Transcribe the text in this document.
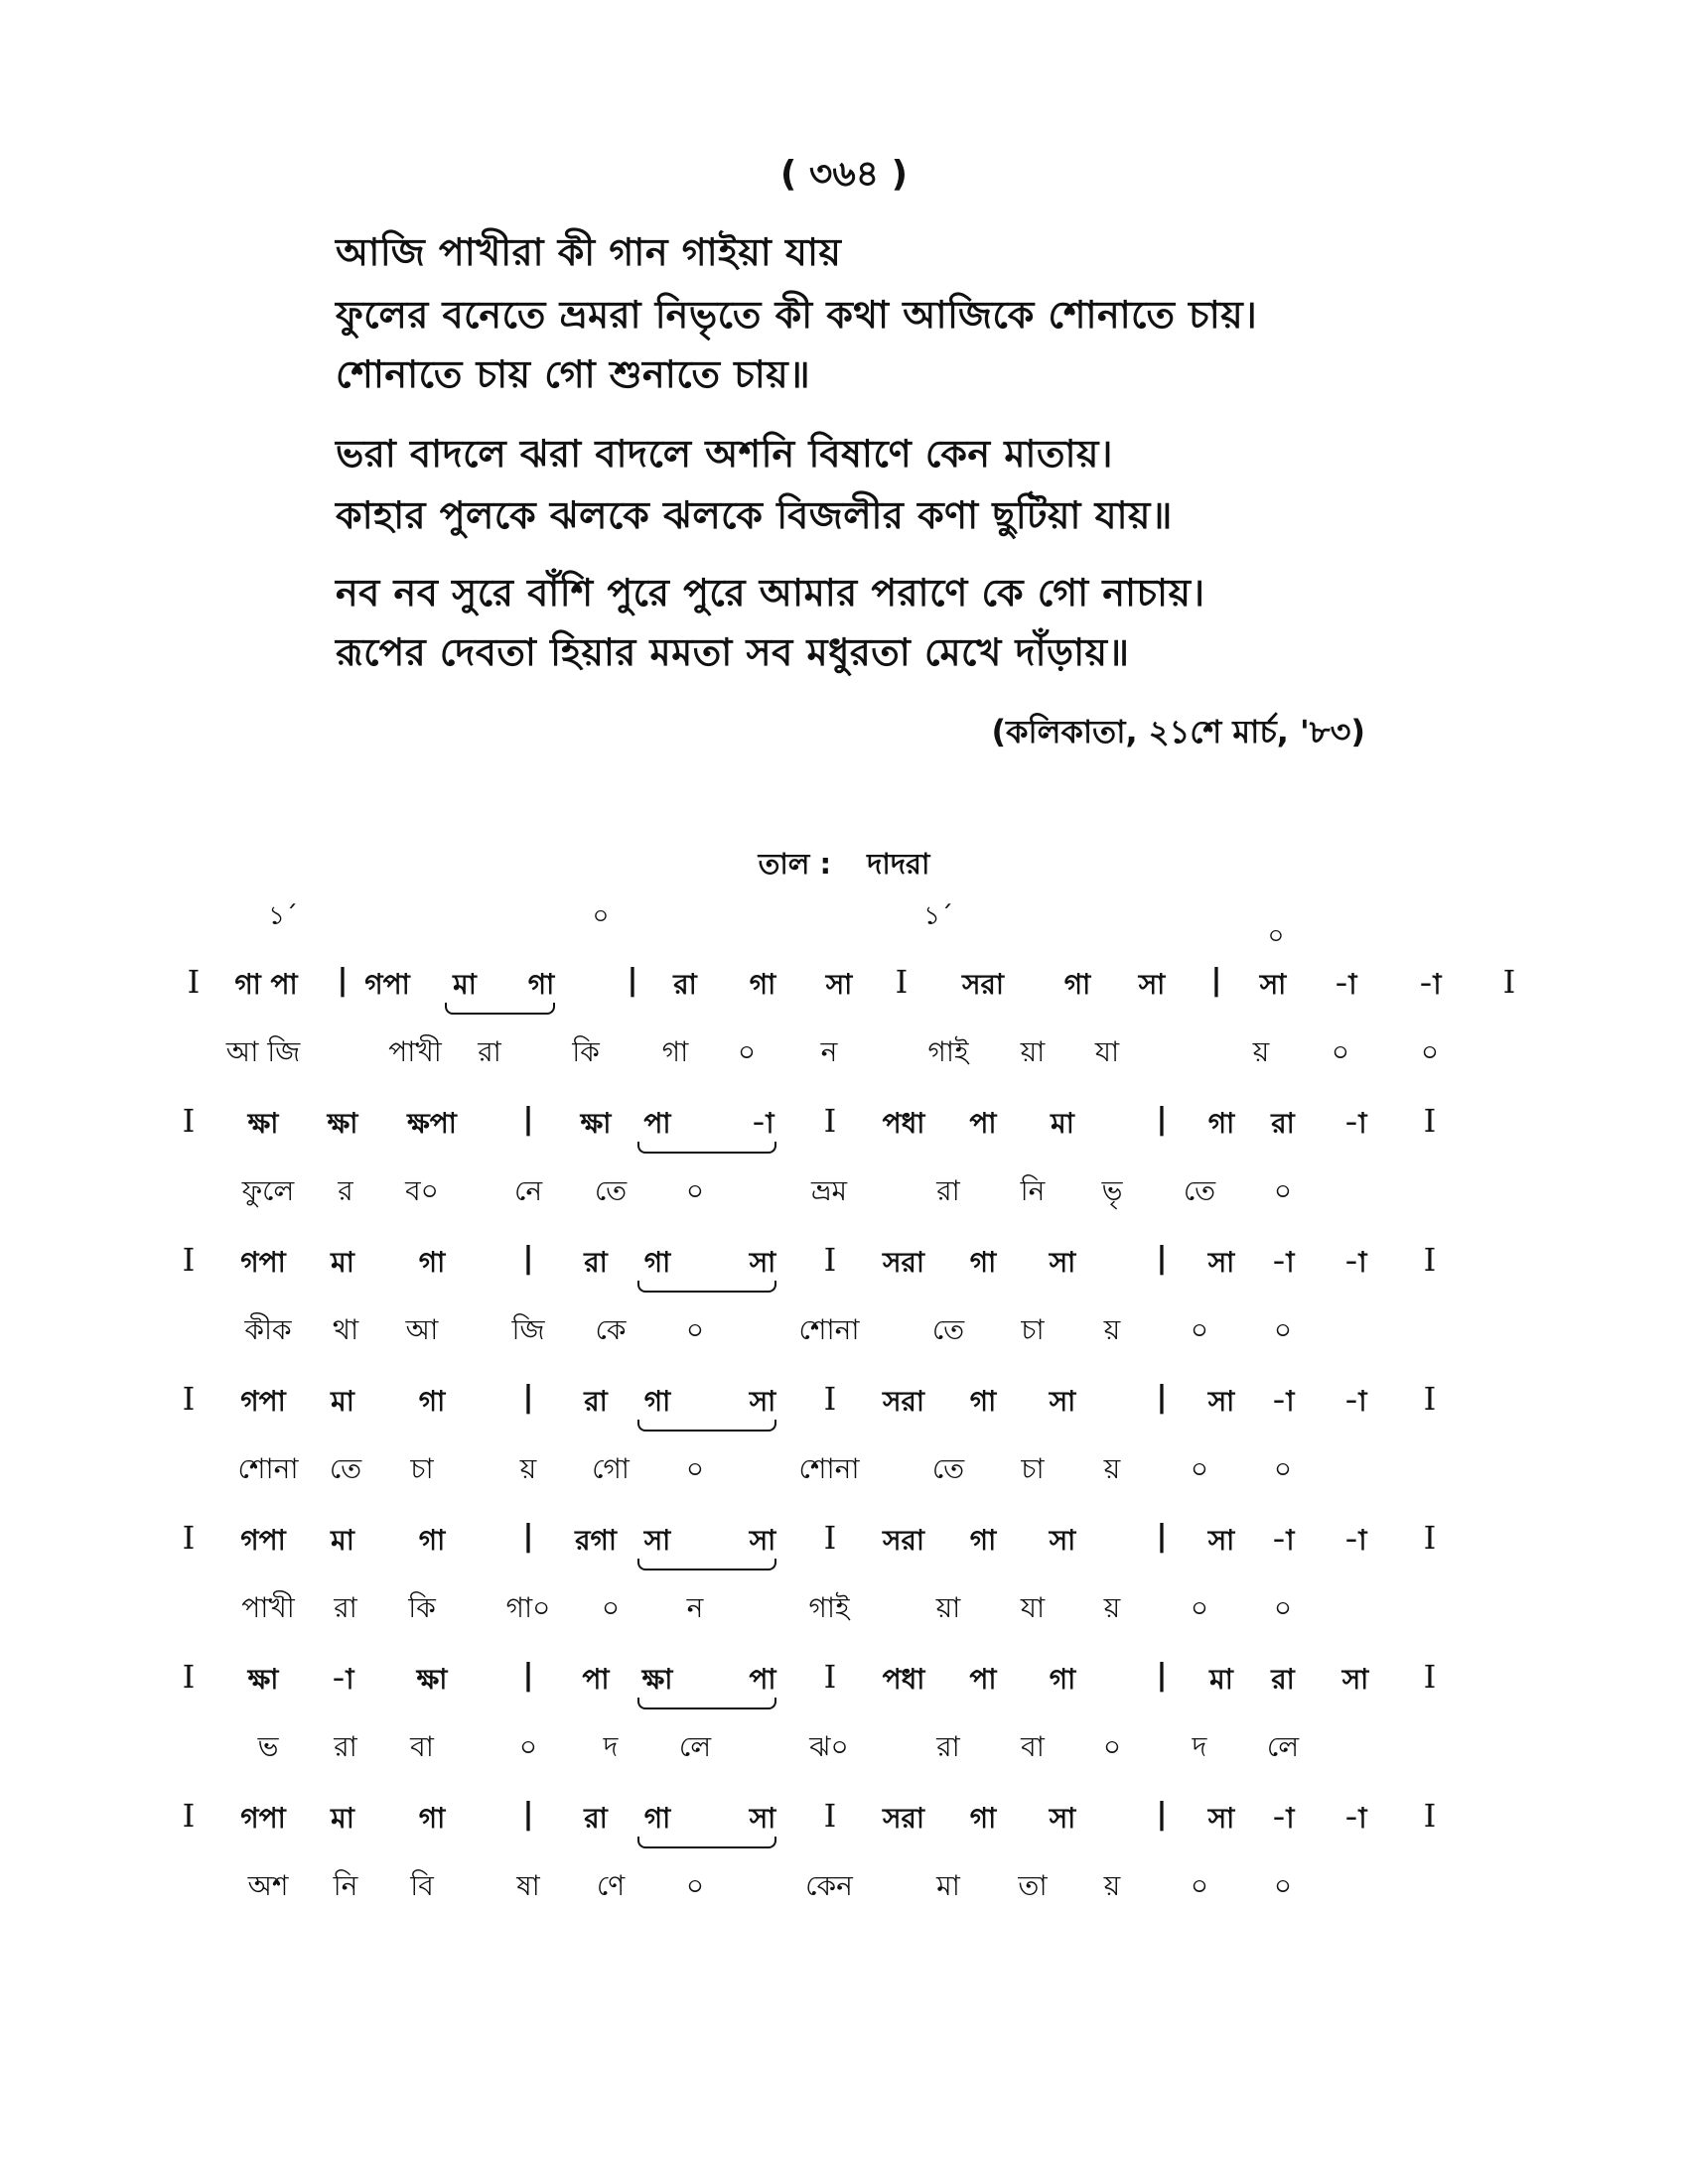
( ৩৬৪ )
আজি পাখীরা কী গান গাইয়া যায়
ফুলের বনেতে ভ্রমরা নিভৃতে কী কথা আজিকে শোনাতে চায়।
শোনাতে চায় গো শুনাতে চায়॥
ভরা বাদলে ঝরা বাদলে অশনি বিষাণে কেন মাতায়।
কাহার পুলকে ঝলকে ঝলকে বিজলীর কণা ছুটিয়া যায়॥
নব নব সুরে বাঁশি পুরে পুরে আমার পরাণে কে গো নাচায়।
রূপের দেবতা হিয়ার মমতা সব মধুরতা মেখে দাঁড়ায়॥
(কলিকাতা, ২১শে মার্চ, '৮৩)
তাল : দাদরা
১´	০	১´
০
I গা পা | গপা মা গা | রা গা সা I সরা গা সা | সা -া -া I
আ জি	পাখী রা	কি গা ০ ন	গাই য়া যা	য় ০	০
I ক্ষা ক্ষা ক্ষপা | ক্ষা পা	-া I পধা পা মা	| গা রা -া I
ফুলে র ব০	নে তে ০	ভ্রম	রা নি ভৃ তে ০
I গপা মা গা	| রা গা	সা I সরা গা সা	| সা -া -া I
কীক থা আ	জি কে ০	শোনা	তে চা য়	০ ০
I গপা মা গা	| রা গা	সা I সরা গা সা	| সা -া -া I
শোনা তে চা	য় গো ০	শোনা	তে চা য়	০ ০
I গপা মা গা	| রগা সা	সা I সরা গা সা	| সা -া -া I
পাখী রা কি	গা০ ০ ন	গাই	য়া যা য়	০ ০
I ক্ষা -া ক্ষা	| পা ক্ষা	পা I পধা পা গা	| মা রা সা I
ভ রা বা	০ দ লে	ঝ০	রা বা ০	দ লে
I গপা মা গা	| রা গা	সা I সরা গা সা	| সা -া -া I
অশ নি বি	ষা ণে ০	কেন	মা তা য়	০ ০
